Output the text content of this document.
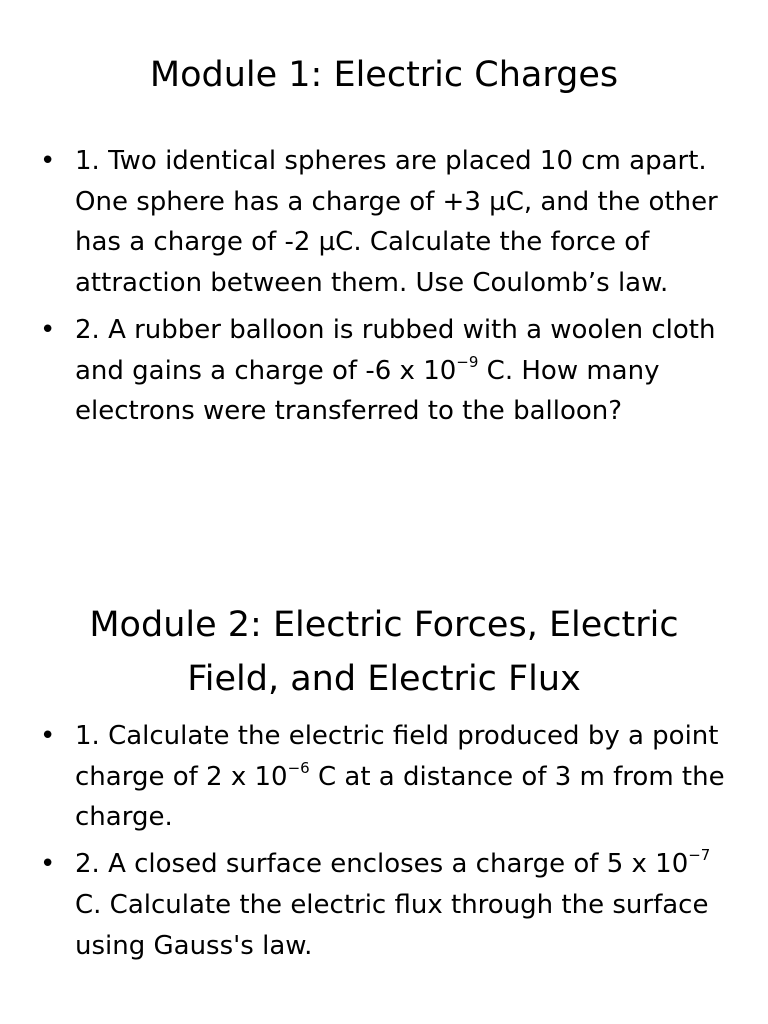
Module 1: Electric Charges
• 1. Two identical spheres are placed 10 cm apart. One sphere has a charge of +3 µC, and the other has a charge of -2 µC. Calculate the force of attraction between them. Use Coulomb’s law.
• 2. A rubber balloon is rubbed with a woolen cloth and gains a charge of -6 x $10^{-9}$ C. How many electrons were transferred to the balloon?
Module 2: Electric Forces, Electric Field, and Electric Flux
• 1. Calculate the electric field produced by a point charge of 2 x $10^{-6}$ C at a distance of 3 m from the charge.
• 2. A closed surface encloses a charge of 5 x $10^{-7}$ C. Calculate the electric flux through the surface using Gauss's law.
